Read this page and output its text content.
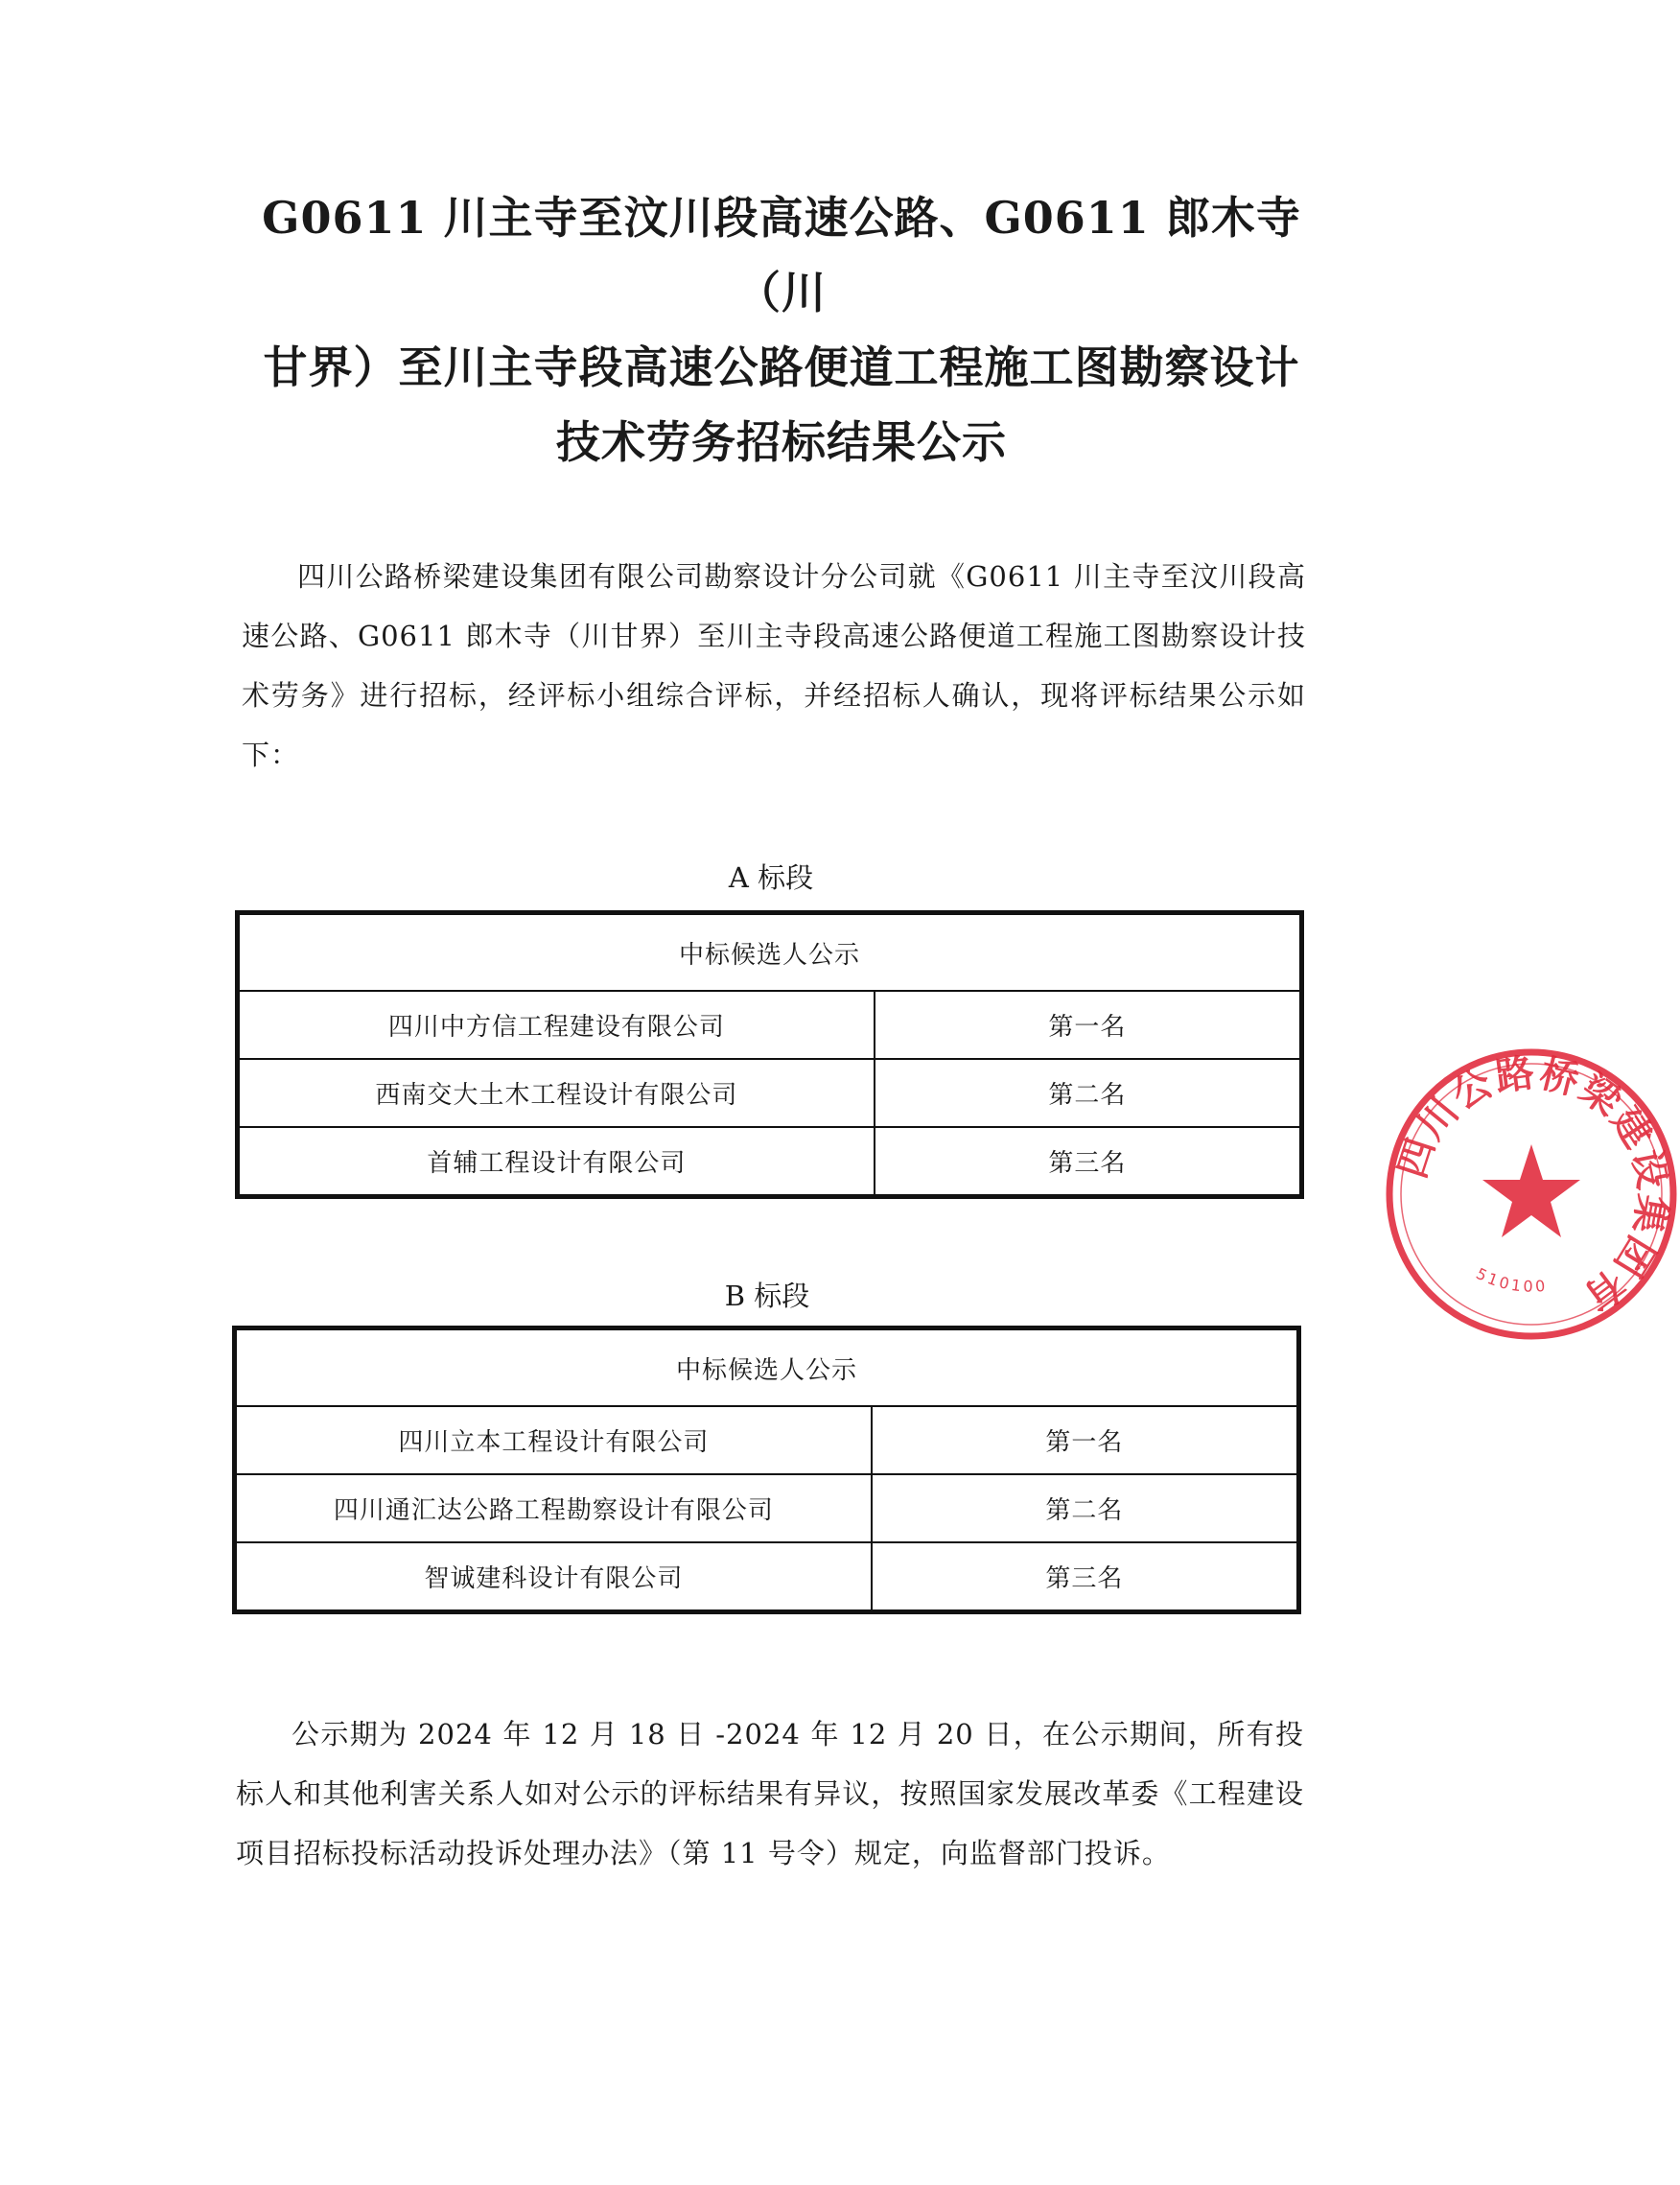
G0611 川主寺至汶川段高速公路、G0611 郎木寺（川
甘界）至川主寺段高速公路便道工程施工图勘察设计
技术劳务招标结果公示

四川公路桥梁建设集团有限公司勘察设计分公司就《G0611 川主寺至汶川段高速公路、G0611 郎木寺（川甘界）至川主寺段高速公路便道工程施工图勘察设计技术劳务》进行招标，经评标小组综合评标，并经招标人确认，现将评标结果公示如下：

A 标段
中标候选人公示	
四川中方信工程建设有限公司	第一名
西南交大土木工程设计有限公司	第二名
首辅工程设计有限公司	第三名
B 标段
中标候选人公示	
四川立本工程设计有限公司	第一名
四川通汇达公路工程勘察设计有限公司	第二名
智诚建科设计有限公司	第三名

公示期为 2024 年 12 月 18 日 -2024 年 12 月 20 日，在公示期间，所有投标人和其他利害关系人如对公示的评标结果有异议，按照国家发展改革委《工程建设项目招标投标活动投诉处理办法》（第 11 号令）规定，向监督部门投诉。

四川公路桥梁建设集团有
510100
